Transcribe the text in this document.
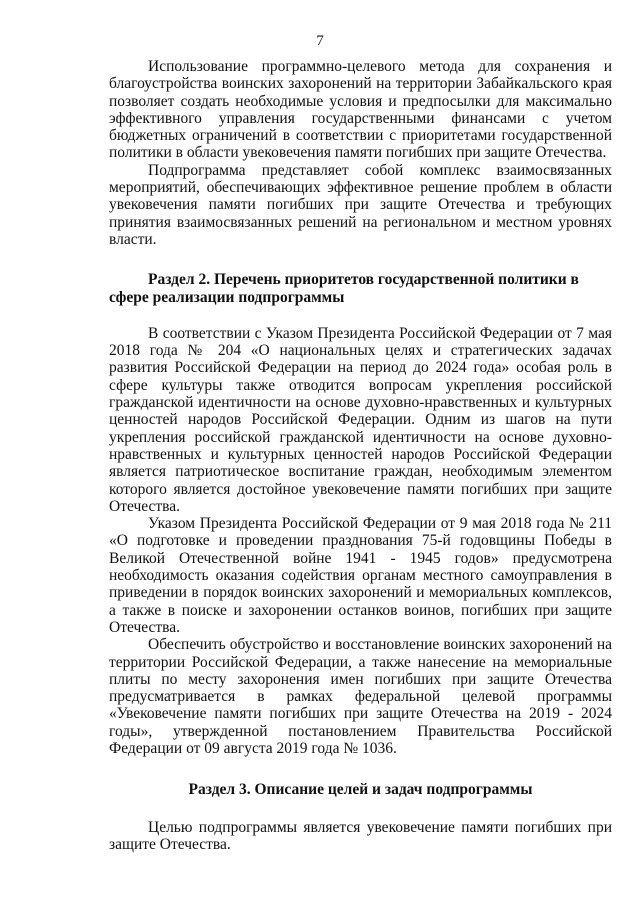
7

Использование программно-целевого метода для сохранения и благоустройства воинских захоронений на территории Забайкальского края позволяет создать необходимые условия и предпосылки для максимально эффективного управления государственными финансами с учетом бюджетных ограничений в соответствии с приоритетами государственной политики в области увековечения памяти погибших при защите Отечества.

Подпрограмма представляет собой комплекс взаимосвязанных мероприятий, обеспечивающих эффективное решение проблем в области увековечения памяти погибших при защите Отечества и требующих принятия взаимосвязанных решений на региональном и местном уровнях власти.

Раздел 2. Перечень приоритетов государственной политики в сфере реализации подпрограммы

В соответствии с Указом Президента Российской Федерации от 7 мая 2018 года № 204 «О национальных целях и стратегических задачах развития Российской Федерации на период до 2024 года» особая роль в сфере культуры также отводится вопросам укрепления российской гражданской идентичности на основе духовно-нравственных и культурных ценностей народов Российской Федерации. Одним из шагов на пути укрепления российской гражданской идентичности на основе духовно-нравственных и культурных ценностей народов Российской Федерации является патриотическое воспитание граждан, необходимым элементом которого является достойное увековечение памяти погибших при защите Отечества.

Указом Президента Российской Федерации от 9 мая 2018 года № 211 «О подготовке и проведении празднования 75-й годовщины Победы в Великой Отечественной войне 1941 - 1945 годов» предусмотрена необходимость оказания содействия органам местного самоуправления в приведении в порядок воинских захоронений и мемориальных комплексов, а также в поиске и захоронении останков воинов, погибших при защите Отечества.

Обеспечить обустройство и восстановление воинских захоронений на территории Российской Федерации, а также нанесение на мемориальные плиты по месту захоронения имен погибших при защите Отечества предусматривается в рамках федеральной целевой программы «Увековечение памяти погибших при защите Отечества на 2019 - 2024 годы», утвержденной постановлением Правительства Российской Федерации от 09 августа 2019 года № 1036.

Раздел 3. Описание целей и задач подпрограммы

Целью подпрограммы является увековечение памяти погибших при защите Отечества.
